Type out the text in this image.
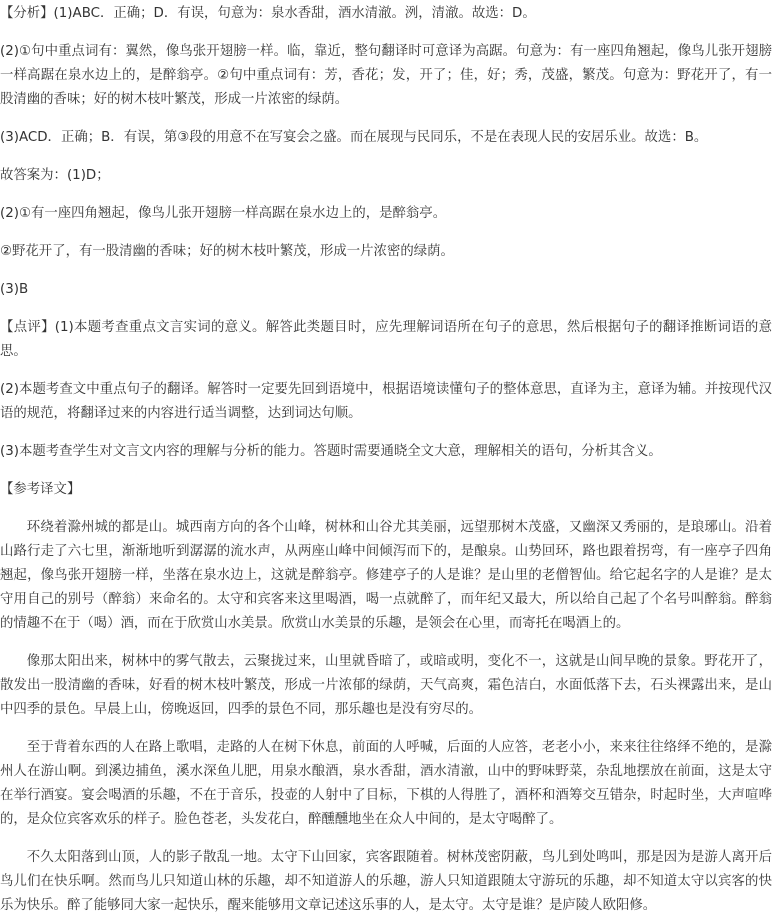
【分析】(1)ABC．正确；D．有误，句意为：泉水香甜，酒水清澈。洌，清澈。故选：D。

(2)①句中重点词有：翼然，像鸟张开翅膀一样。临，靠近，整句翻译时可意译为高踞。句意为：有一座四角翘起，像鸟儿张开翅膀一样高踞在泉水边上的，是醉翁亭。②句中重点词有：芳，香花；发，开了；佳，好；秀，茂盛，繁茂。句意为：野花开了，有一股清幽的香味；好的树木枝叶繁茂，形成一片浓密的绿荫。

(3)ACD．正确；B．有误，第③段的用意不在写宴会之盛。而在展现与民同乐，不是在表现人民的安居乐业。故选：B。

故答案为：(1)D；

(2)①有一座四角翘起，像鸟儿张开翅膀一样高踞在泉水边上的，是醉翁亭。

②野花开了，有一股清幽的香味；好的树木枝叶繁茂，形成一片浓密的绿荫。

(3)B

【点评】(1)本题考查重点文言实词的意义。解答此类题目时，应先理解词语所在句子的意思，然后根据句子的翻译推断词语的意思。

(2)本题考查文中重点句子的翻译。解答时一定要先回到语境中，根据语境读懂句子的整体意思，直译为主，意译为辅。并按现代汉语的规范，将翻译过来的内容进行适当调整，达到词达句顺。

(3)本题考查学生对文言文内容的理解与分析的能力。答题时需要通晓全文大意，理解相关的语句，分析其含义。

【参考译文】

环绕着滁州城的都是山。城西南方向的各个山峰，树林和山谷尤其美丽，远望那树木茂盛，又幽深又秀丽的，是琅琊山。沿着山路行走了六七里，渐渐地听到潺潺的流水声，从两座山峰中间倾泻而下的，是酿泉。山势回环，路也跟着拐弯，有一座亭子四角翘起，像鸟张开翅膀一样，坐落在泉水边上，这就是醉翁亭。修建亭子的人是谁？是山里的老僧智仙。给它起名字的人是谁？是太守用自己的别号（醉翁）来命名的。太守和宾客来这里喝酒，喝一点就醉了，而年纪又最大，所以给自己起了个名号叫醉翁。醉翁的情趣不在于（喝）酒，而在于欣赏山水美景。欣赏山水美景的乐趣，是领会在心里，而寄托在喝酒上的。

像那太阳出来，树林中的雾气散去，云聚拢过来，山里就昏暗了，或暗或明，变化不一，这就是山间早晚的景象。野花开了，散发出一股清幽的香味，好看的树木枝叶繁茂，形成一片浓郁的绿荫，天气高爽，霜色洁白，水面低落下去，石头裸露出来，是山中四季的景色。早晨上山，傍晚返回，四季的景色不同，那乐趣也是没有穷尽的。

至于背着东西的人在路上歌唱，走路的人在树下休息，前面的人呼喊，后面的人应答，老老小小，来来往往络绎不绝的，是滁州人在游山啊。到溪边捕鱼，溪水深鱼儿肥，用泉水酿酒，泉水香甜，酒水清澈，山中的野味野菜，杂乱地摆放在前面，这是太守在举行酒宴。宴会喝酒的乐趣，不在于音乐，投壶的人射中了目标，下棋的人得胜了，酒杯和酒筹交互错杂，时起时坐，大声喧哗的，是众位宾客欢乐的样子。脸色苍老，头发花白，醉醺醺地坐在众人中间的，是太守喝醉了。

不久太阳落到山顶，人的影子散乱一地。太守下山回家，宾客跟随着。树林茂密阴蔽，鸟儿到处鸣叫，那是因为是游人离开后鸟儿们在快乐啊。然而鸟儿只知道山林的乐趣，却不知道游人的乐趣，游人只知道跟随太守游玩的乐趣，却不知道太守以宾客的快乐为快乐。醉了能够同大家一起快乐，醒来能够用文章记述这乐事的人，是太守。太守是谁？是庐陵人欧阳修。
